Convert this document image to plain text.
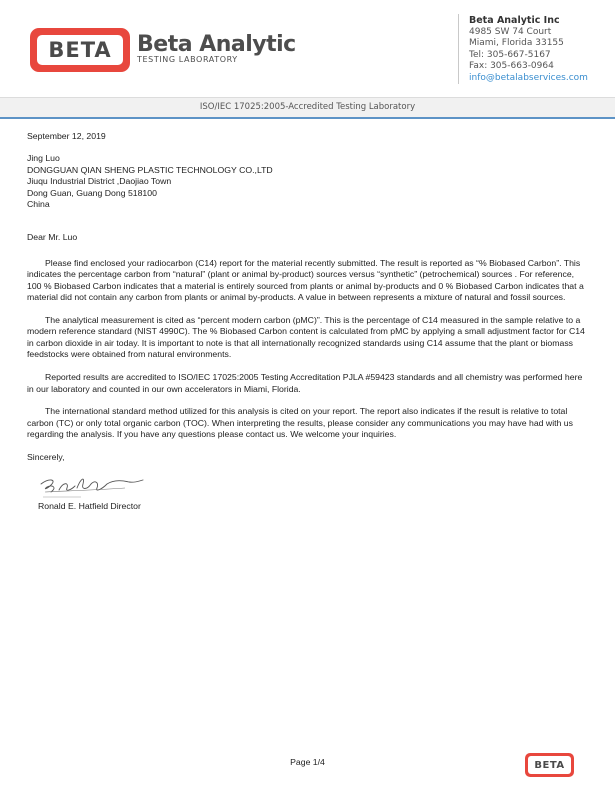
BETA Beta Analytic
TESTING LABORATORY
Beta Analytic Inc
4985 SW 74 Court
Miami, Florida 33155
Tel: 305-667-5167
Fax: 305-663-0964
info@betalabservices.com
ISO/IEC 17025:2005-Accredited Testing Laboratory

September 12, 2019

Jing Luo

DONGGUAN QIAN SHENG PLASTIC TECHNOLOGY CO.,LTD

Jiuqu Industrial District ,Daojiao Town

Dong Guan, Guang Dong 518100

China

Dear Mr. Luo

Please find enclosed your radiocarbon (C14) report for the material recently submitted. The result is reported as “% Biobased Carbon”. This indicates the percentage carbon from “natural” (plant or animal by-product) sources versus “synthetic” (petrochemical) sources . For reference, 100 % Biobased Carbon indicates that a material is entirely sourced from plants or animal by-products and 0 % Biobased Carbon indicates that a material did not contain any carbon from plants or animal by-products. A value in between represents a mixture of natural and fossil sources.

The analytical measurement is cited as “percent modern carbon (pMC)”. This is the percentage of C14 measured in the sample relative to a modern reference standard (NIST 4990C). The % Biobased Carbon content is calculated from pMC by applying a small adjustment factor for C14 in carbon dioxide in air today. It is important to note is that all internationally recognized standards using C14 assume that the plant or biomass feedstocks were obtained from natural environments.

Reported results are accredited to ISO/IEC 17025:2005 Testing Accreditation PJLA #59423 standards and all chemistry was performed here in our laboratory and counted in our own accelerators in Miami, Florida.

The international standard method utilized for this analysis is cited on your report. The report also indicates if the result is relative to total carbon (TC) or only total organic carbon (TOC). When interpreting the results, please consider any communications you may have had with us regarding the analysis. If you have any questions please contact us. We welcome your inquiries.

Sincerely,

Ronald E. Hatfield Director

Page 1/4	BETA
